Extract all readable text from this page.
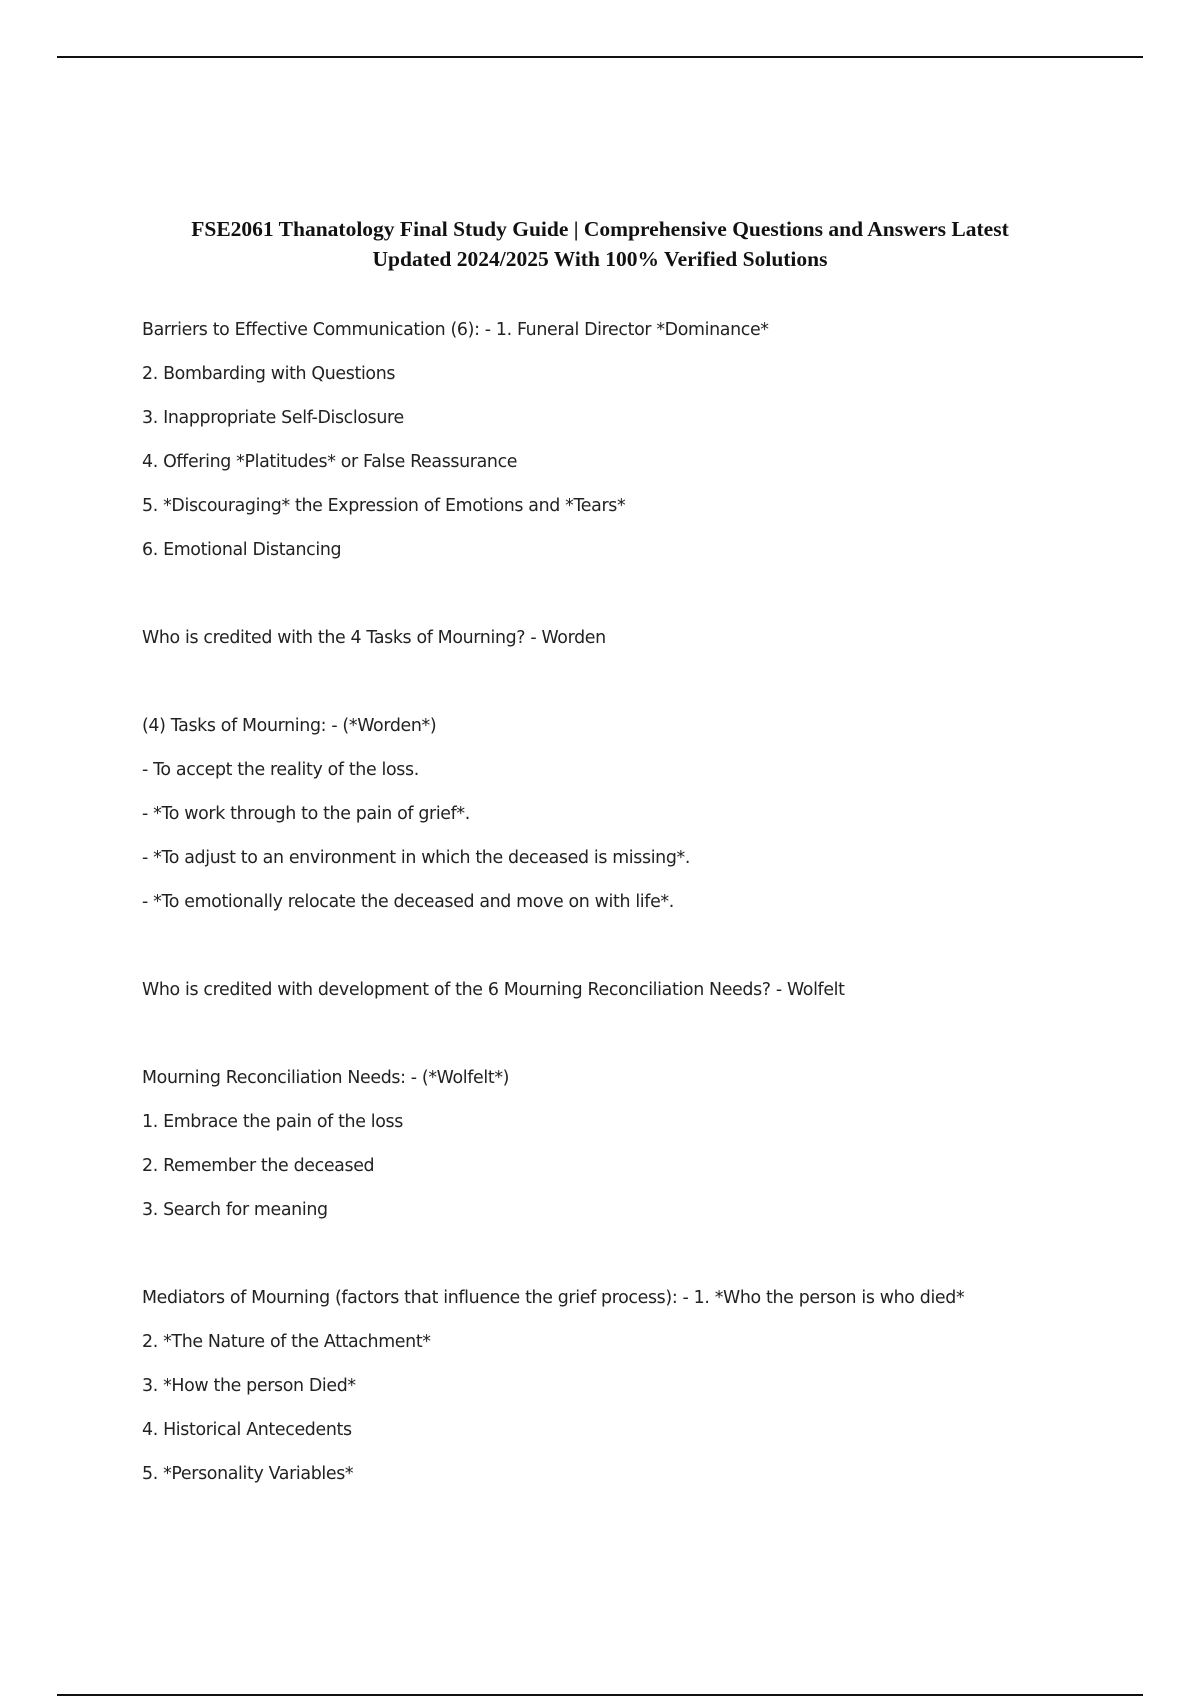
FSE2061 Thanatology Final Study Guide | Comprehensive Questions and Answers Latest
Updated 2024/2025 With 100% Verified Solutions
Barriers to Effective Communication (6): - 1. Funeral Director *Dominance*
2. Bombarding with Questions
3. Inappropriate Self-Disclosure
4. Offering *Platitudes* or False Reassurance
5. *Discouraging* the Expression of Emotions and *Tears*
6. Emotional Distancing
Who is credited with the 4 Tasks of Mourning? - Worden
(4) Tasks of Mourning: - (*Worden*)
- To accept the reality of the loss.
- *To work through to the pain of grief*.
- *To adjust to an environment in which the deceased is missing*.
- *To emotionally relocate the deceased and move on with life*.
Who is credited with development of the 6 Mourning Reconciliation Needs? - Wolfelt
Mourning Reconciliation Needs: - (*Wolfelt*)
1. Embrace the pain of the loss
2. Remember the deceased
3. Search for meaning
Mediators of Mourning (factors that influence the grief process): - 1. *Who the person is who died*
2. *The Nature of the Attachment*
3. *How the person Died*
4. Historical Antecedents
5. *Personality Variables*
